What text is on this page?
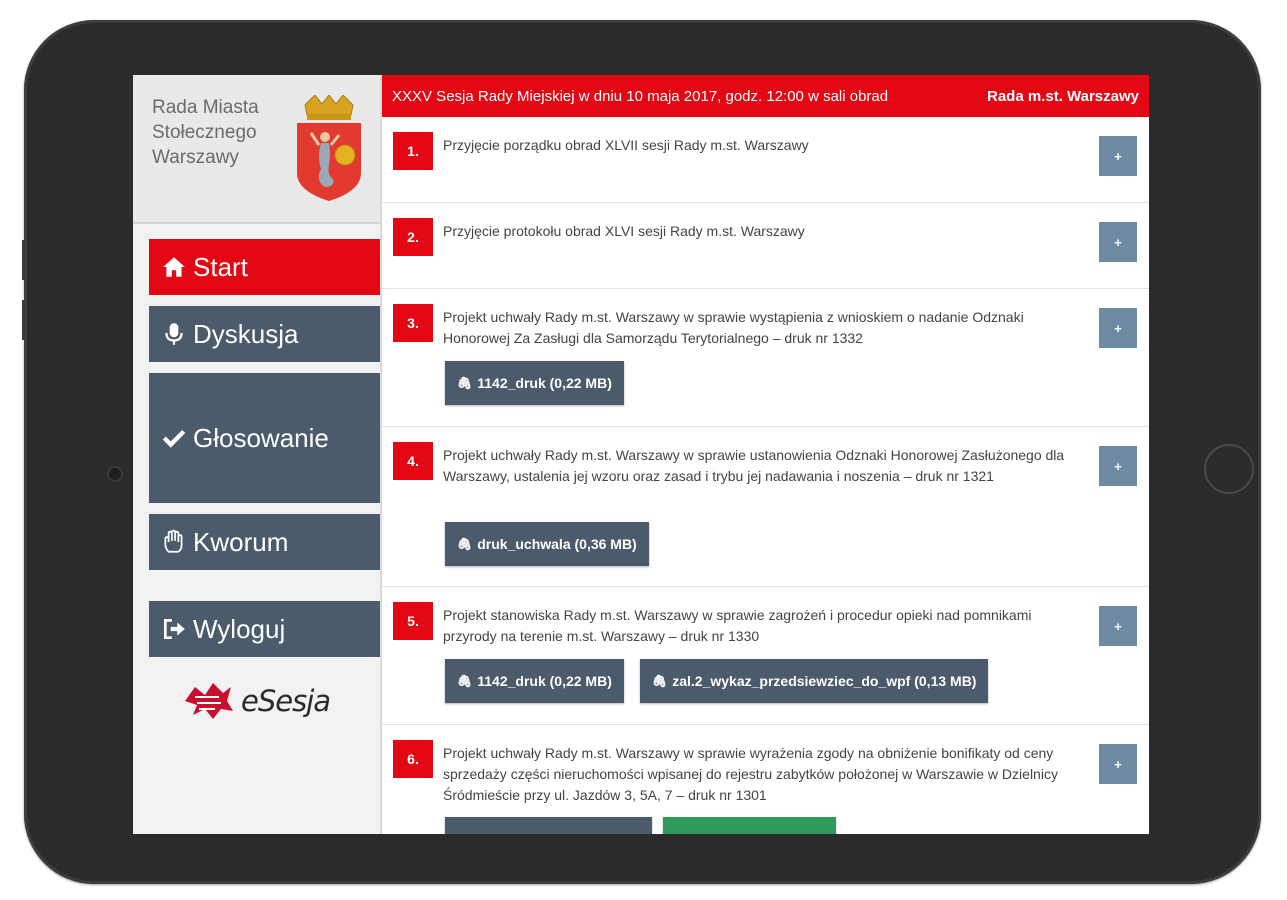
Rada Miasta
Stołecznego
Warszawy
Start
Dyskusja
Głosowanie
Kworum
Wyloguj
eSesja
XXXV Sesja Rady Miejskiej w dniu 10 maja 2017, godz. 12:00 w sali obrad	Rada m.st. Warszawy
1.	Przyjęcie porządku obrad XLVII sesji Rady m.st. Warszawy
+
2.	Przyjęcie protokołu obrad XLVI sesji Rady m.st. Warszawy
+
3.	Projekt uchwały Rady m.st. Warszawy w sprawie wystąpienia z wnioskiem o nadanie Odznaki Honorowej Za Zasługi dla Samorządu Terytorialnego – druk nr 1332
+
🖇 1142_druk (0,22 MB)
4.	Projekt uchwały Rady m.st. Warszawy w sprawie ustanowienia Odznaki Honorowej Zasłużonego dla Warszawy, ustalenia jej wzoru oraz zasad i trybu jej nadawania i noszenia – druk nr 1321
+
🖇 druk_uchwala (0,36 MB)
5.	Projekt stanowiska Rady m.st. Warszawy w sprawie zagrożeń i procedur opieki nad pomnikami przyrody na terenie m.st. Warszawy – druk nr 1330
+
🖇 1142_druk (0,22 MB)	🖇 zal.2_wykaz_przedsiewziec_do_wpf (0,13 MB)
6.	Projekt uchwały Rady m.st. Warszawy w sprawie wyrażenia zgody na obniżenie bonifikaty od ceny sprzedaży części nieruchomości wpisanej do rejestru zabytków położonej w Warszawie w Dzielnicy Śródmieście przy ul. Jazdów 3, 5A, 7 – druk nr 1301
+
